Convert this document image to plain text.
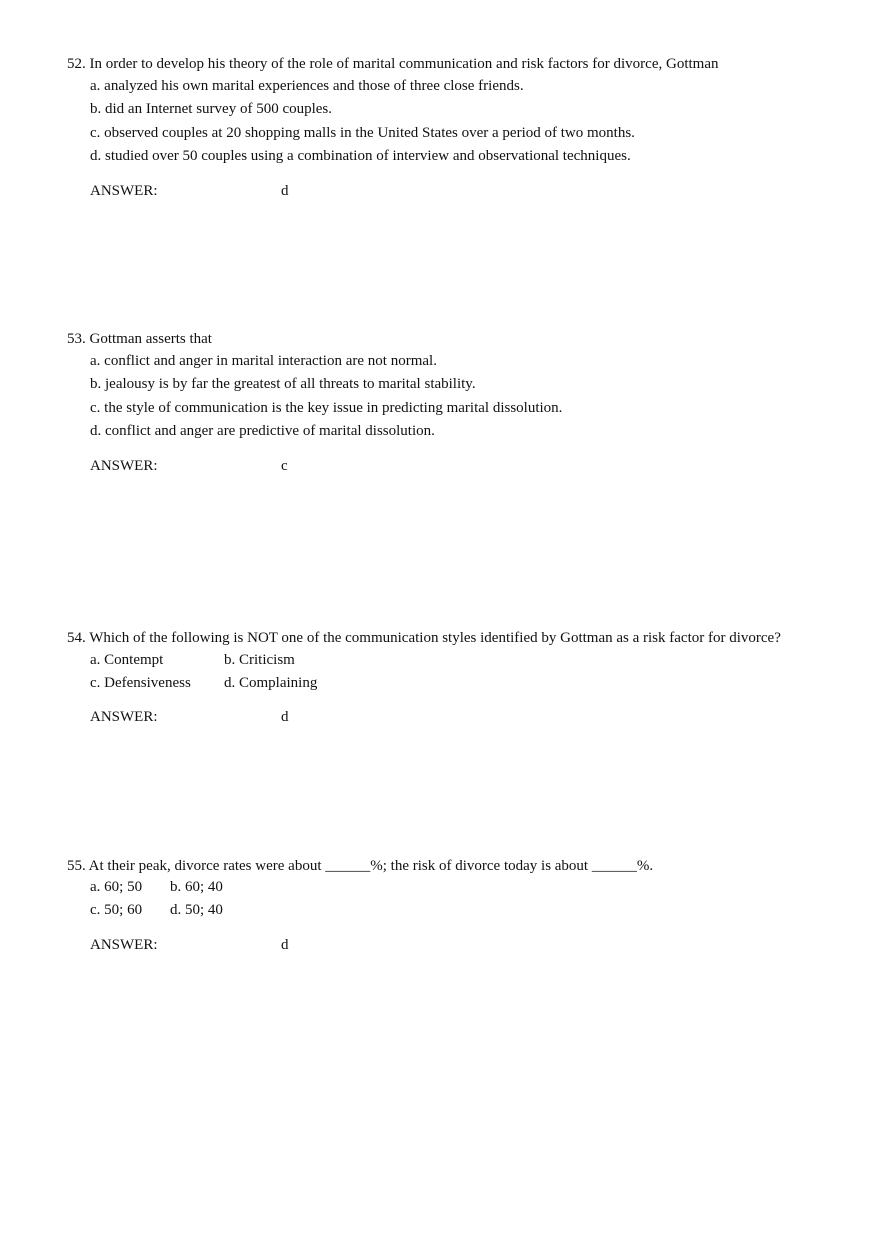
52. In order to develop his theory of the role of marital communication and risk factors for divorce, Gottman
a. analyzed his own marital experiences and those of three close friends.
b. did an Internet survey of 500 couples.
c. observed couples at 20 shopping malls in the United States over a period of two months.
d. studied over 50 couples using a combination of interview and observational techniques.
ANSWER:	d
53. Gottman asserts that
a. conflict and anger in marital interaction are not normal.
b. jealousy is by far the greatest of all threats to marital stability.
c. the style of communication is the key issue in predicting marital dissolution.
d. conflict and anger are predictive of marital dissolution.
ANSWER:	c
54. Which of the following is NOT one of the communication styles identified by Gottman as a risk factor for divorce?
a. Contempt	b. Criticism
c. Defensiveness d. Complaining
ANSWER:	d
55. At their peak, divorce rates were about ______%; the risk of divorce today is about ______%.
a. 60; 50 b. 60; 40
c. 50; 60 d. 50; 40
ANSWER:	d
